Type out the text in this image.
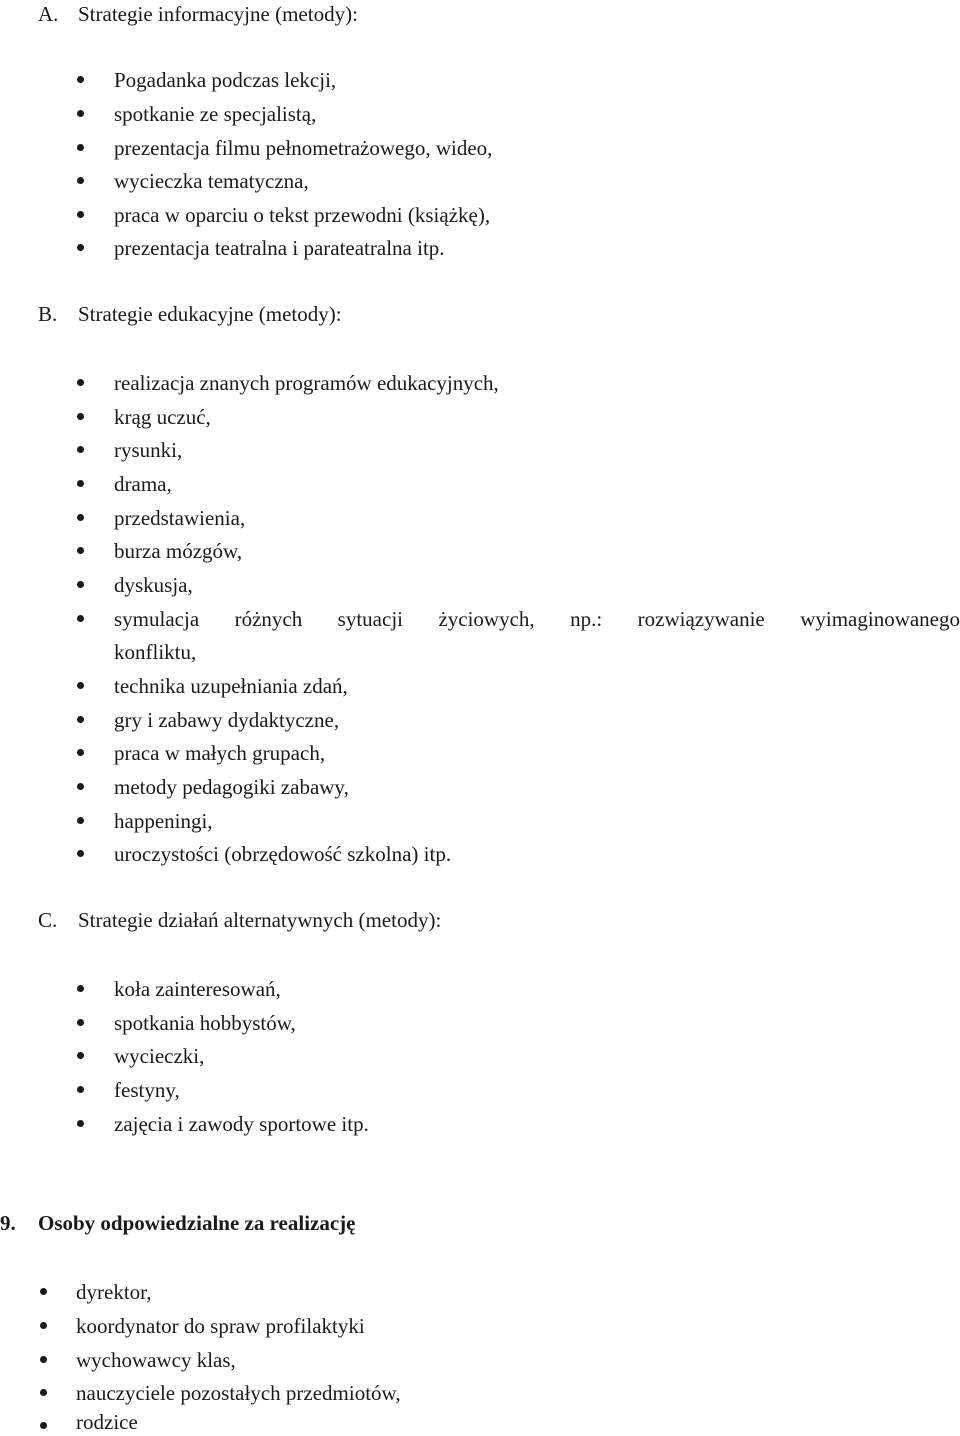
A. Strategie informacyjne (metody):
Pogadanka podczas lekcji,
spotkanie ze specjalistą,
prezentacja filmu pełnometrażowego, wideo,
wycieczka tematyczna,
praca w oparciu o tekst przewodni (książkę),
prezentacja teatralna i parateatralna itp.
B. Strategie edukacyjne (metody):
realizacja znanych programów edukacyjnych,
krąg uczuć,
rysunki,
drama,
przedstawienia,
burza mózgów,
dyskusja,
symulacja różnych sytuacji życiowych, np.: rozwiązywanie wyimaginowanego
konfliktu,
technika uzupełniania zdań,
gry i zabawy dydaktyczne,
praca w małych grupach,
metody pedagogiki zabawy,
happeningi,
uroczystości (obrzędowość szkolna) itp.
C. Strategie działań alternatywnych (metody):
koła zainteresowań,
spotkania hobbystów,
wycieczki,
festyny,
zajęcia i zawody sportowe itp.
9. Osoby odpowiedzialne za realizację
dyrektor,
koordynator do spraw profilaktyki
wychowawcy klas,
nauczyciele pozostałych przedmiotów,
rodzice
